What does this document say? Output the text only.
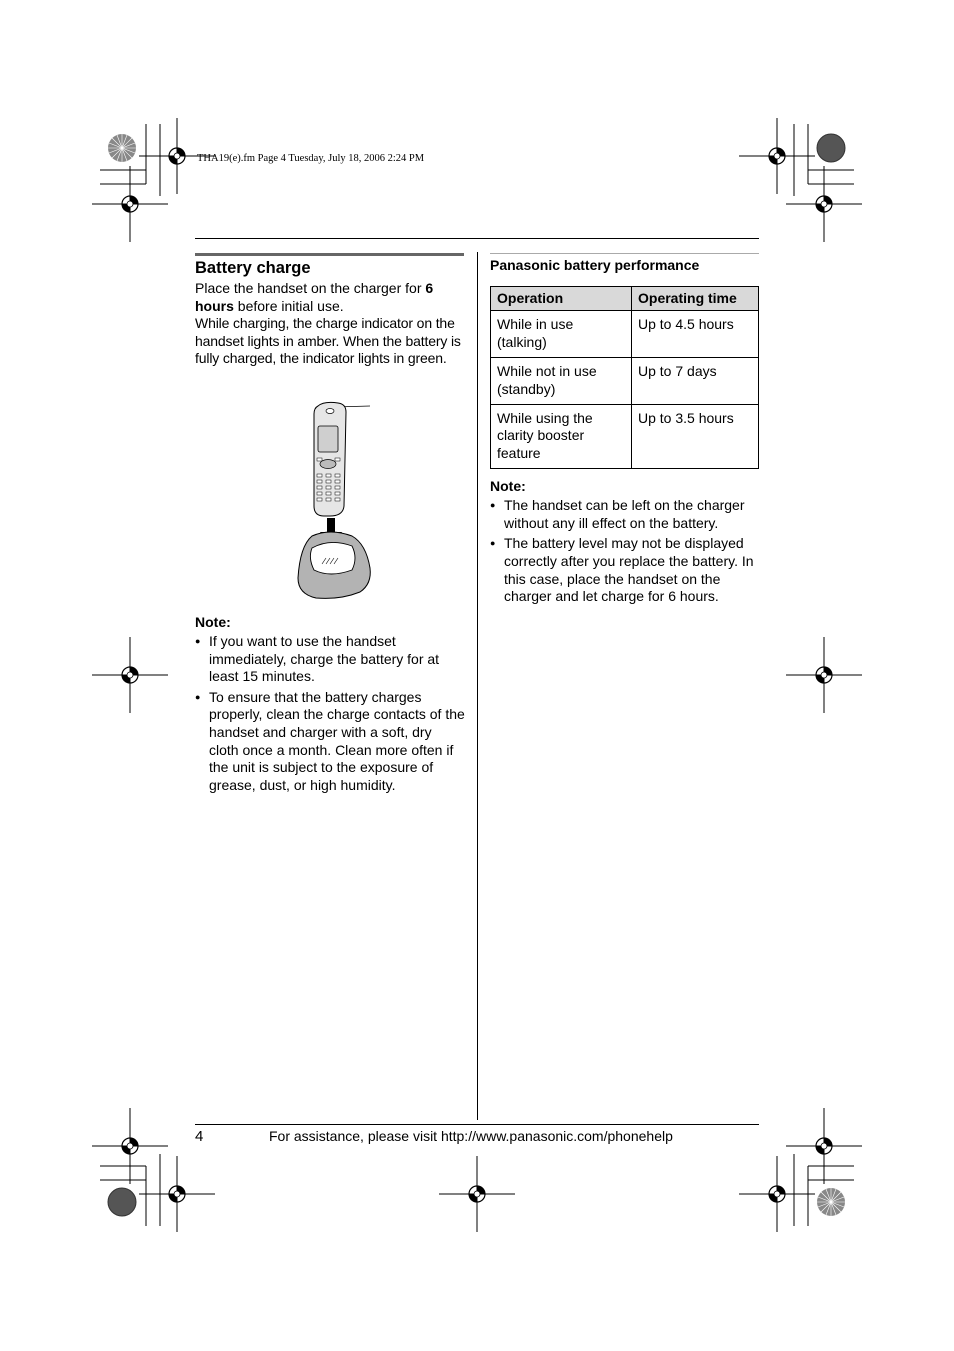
THA19(e).fm Page 4 Tuesday, July 18, 2006 2:24 PM
Battery charge
Place the handset on the charger for 6 hours before initial use.
While charging, the charge indicator on the handset lights in amber. When the battery is fully charged, the indicator lights in green.
Note:
● If you want to use the handset immediately, charge the battery for at least 15 minutes.
● To ensure that the battery charges properly, clean the charge contacts of the handset and charger with a soft, dry cloth once a month. Clean more often if the unit is subject to the exposure of grease, dust, or high humidity.
Panasonic battery performance
Operation	Operating time
While in use (talking)	Up to 4.5 hours
While not in use (standby)	Up to 7 days
While using the clarity booster feature	Up to 3.5 hours
Note:
● The handset can be left on the charger without any ill effect on the battery.
● The battery level may not be displayed correctly after you replace the battery. In this case, place the handset on the charger and let charge for 6 hours.
4	For assistance, please visit http://www.panasonic.com/phonehelp
